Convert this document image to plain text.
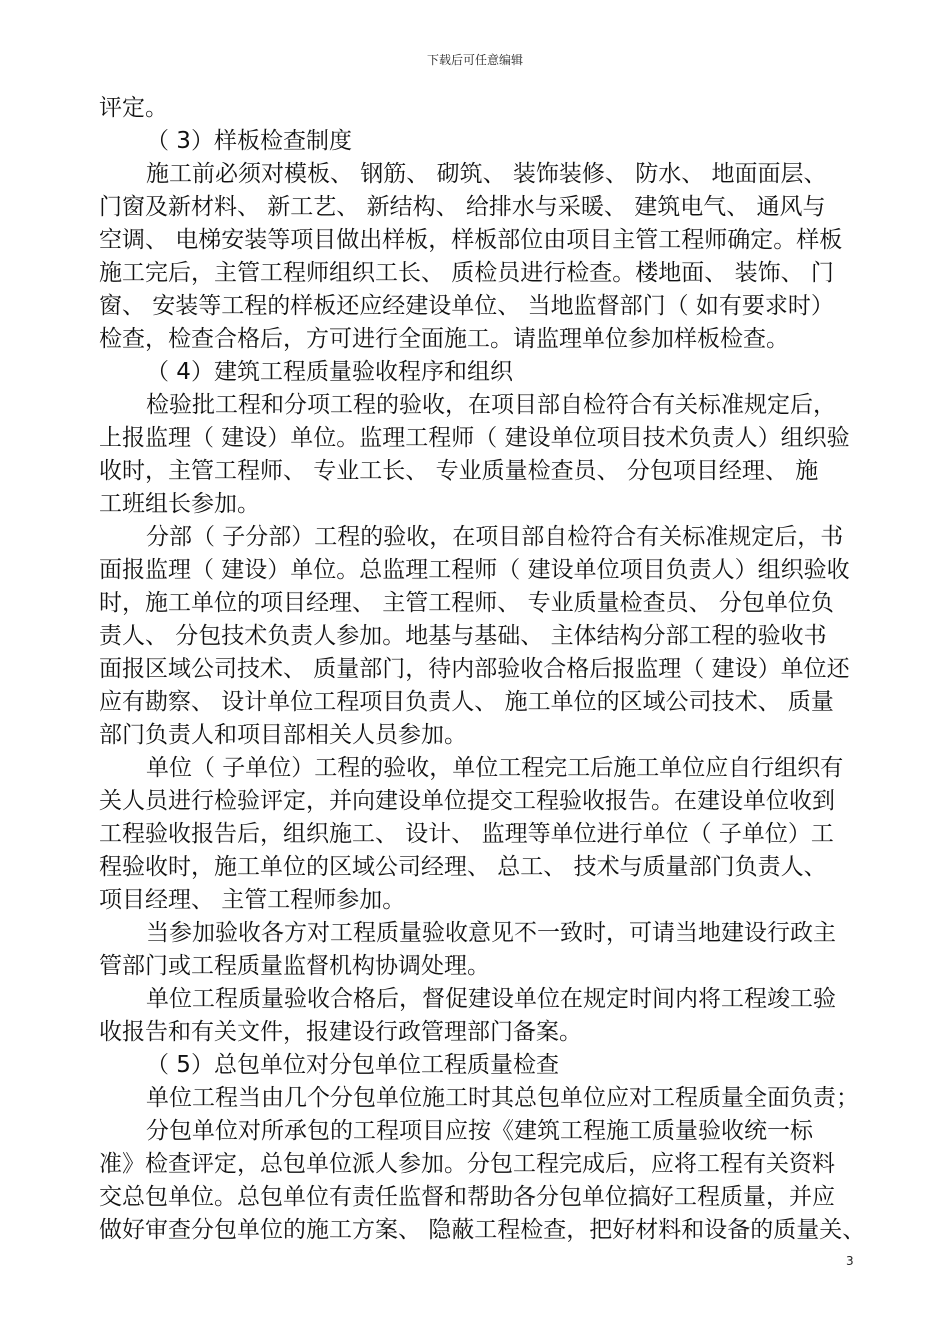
下载后可任意编辑
评定。
（ 3）样板检查制度
施工前必须对模板、 钢筋、 砌筑、 装饰装修、 防水、 地面面层、
门窗及新材料、 新工艺、 新结构、 给排水与采暖、 建筑电气、 通风与
空调、 电梯安装等项目做出样板，样板部位由项目主管工程师确定。样板
施工完后，主管工程师组织工长、 质检员进行检查。楼地面、 装饰、 门
窗、 安装等工程的样板还应经建设单位、 当地监督部门（ 如有要求时）
检查，检查合格后，方可进行全面施工。请监理单位参加样板检查。
（ 4）建筑工程质量验收程序和组织
检验批工程和分项工程的验收，在项目部自检符合有关标准规定后，
上报监理（ 建设）单位。监理工程师（ 建设单位项目技术负责人）组织验
收时，主管工程师、 专业工长、 专业质量检查员、 分包项目经理、 施
工班组长参加。
分部（ 子分部）工程的验收，在项目部自检符合有关标准规定后，书
面报监理（ 建设）单位。总监理工程师（ 建设单位项目负责人）组织验收
时，施工单位的项目经理、 主管工程师、 专业质量检查员、 分包单位负
责人、 分包技术负责人参加。地基与基础、 主体结构分部工程的验收书
面报区域公司技术、 质量部门，待内部验收合格后报监理（ 建设）单位还
应有勘察、 设计单位工程项目负责人、 施工单位的区域公司技术、 质量
部门负责人和项目部相关人员参加。
单位（ 子单位）工程的验收，单位工程完工后施工单位应自行组织有
关人员进行检验评定，并向建设单位提交工程验收报告。在建设单位收到
工程验收报告后，组织施工、 设计、 监理等单位进行单位（ 子单位）工
程验收时，施工单位的区域公司经理、 总工、 技术与质量部门负责人、
项目经理、 主管工程师参加。
当参加验收各方对工程质量验收意见不一致时，可请当地建设行政主
管部门或工程质量监督机构协调处理。
单位工程质量验收合格后，督促建设单位在规定时间内将工程竣工验
收报告和有关文件，报建设行政管理部门备案。
（ 5）总包单位对分包单位工程质量检查
单位工程当由几个分包单位施工时其总包单位应对工程质量全面负责；
分包单位对所承包的工程项目应按《建筑工程施工质量验收统一标
准》检查评定，总包单位派人参加。分包工程完成后，应将工程有关资料
交总包单位。总包单位有责任监督和帮助各分包单位搞好工程质量，并应
做好审查分包单位的施工方案、 隐蔽工程检查，把好材料和设备的质量关、
3
